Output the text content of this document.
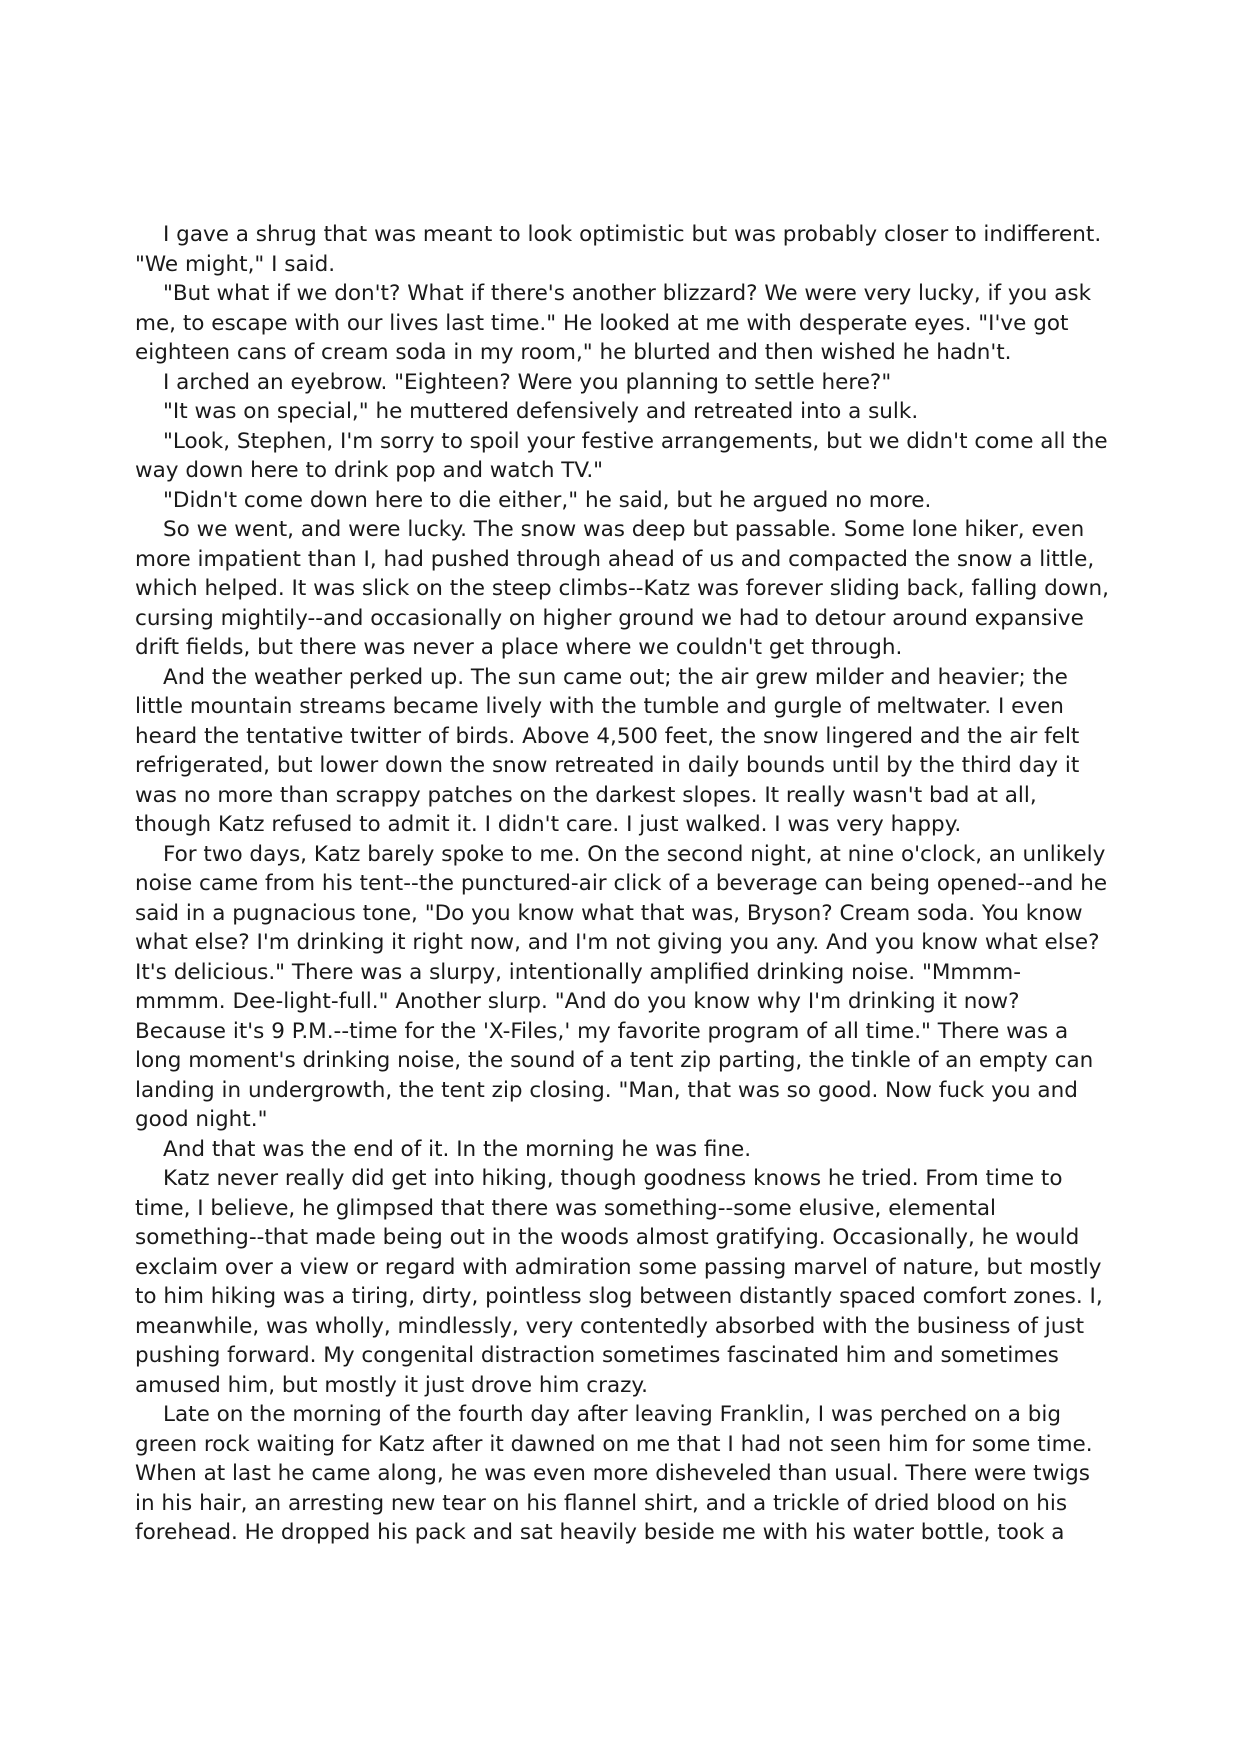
I gave a shrug that was meant to look optimistic but was probably closer to indifferent. "We might," I said.

"But what if we don't? What if there's another blizzard? We were very lucky, if you ask me, to escape with our lives last time." He looked at me with desperate eyes. "I've got eighteen cans of cream soda in my room," he blurted and then wished he hadn't.

I arched an eyebrow. "Eighteen? Were you planning to settle here?"

"It was on special," he muttered defensively and retreated into a sulk.

"Look, Stephen, I'm sorry to spoil your festive arrangements, but we didn't come all the way down here to drink pop and watch TV."

"Didn't come down here to die either," he said, but he argued no more.

So we went, and were lucky. The snow was deep but passable. Some lone hiker, even more impatient than I, had pushed through ahead of us and compacted the snow a little, which helped. It was slick on the steep climbs--Katz was forever sliding back, falling down, cursing mightily--and occasionally on higher ground we had to detour around expansive drift fields, but there was never a place where we couldn't get through.

And the weather perked up. The sun came out; the air grew milder and heavier; the little mountain streams became lively with the tumble and gurgle of meltwater. I even heard the tentative twitter of birds. Above 4,500 feet, the snow lingered and the air felt refrigerated, but lower down the snow retreated in daily bounds until by the third day it was no more than scrappy patches on the darkest slopes. It really wasn't bad at all, though Katz refused to admit it. I didn't care. I just walked. I was very happy.

For two days, Katz barely spoke to me. On the second night, at nine o'clock, an unlikely noise came from his tent--the punctured-air click of a beverage can being opened--and he said in a pugnacious tone, "Do you know what that was, Bryson? Cream soda. You know what else? I'm drinking it right now, and I'm not giving you any. And you know what else? It's delicious." There was a slurpy, intentionally amplified drinking noise. "Mmmm-mmmm. Dee-light-full." Another slurp. "And do you know why I'm drinking it now? Because it's 9 P.M.--time for the 'X-Files,' my favorite program of all time." There was a long moment's drinking noise, the sound of a tent zip parting, the tinkle of an empty can landing in undergrowth, the tent zip closing. "Man, that was so good. Now fuck you and good night."

And that was the end of it. In the morning he was fine.

Katz never really did get into hiking, though goodness knows he tried. From time to time, I believe, he glimpsed that there was something--some elusive, elemental something--that made being out in the woods almost gratifying. Occasionally, he would exclaim over a view or regard with admiration some passing marvel of nature, but mostly to him hiking was a tiring, dirty, pointless slog between distantly spaced comfort zones. I, meanwhile, was wholly, mindlessly, very contentedly absorbed with the business of just pushing forward. My congenital distraction sometimes fascinated him and sometimes amused him, but mostly it just drove him crazy.

Late on the morning of the fourth day after leaving Franklin, I was perched on a big green rock waiting for Katz after it dawned on me that I had not seen him for some time. When at last he came along, he was even more disheveled than usual. There were twigs in his hair, an arresting new tear on his flannel shirt, and a trickle of dried blood on his forehead. He dropped his pack and sat heavily beside me with his water bottle, took a
